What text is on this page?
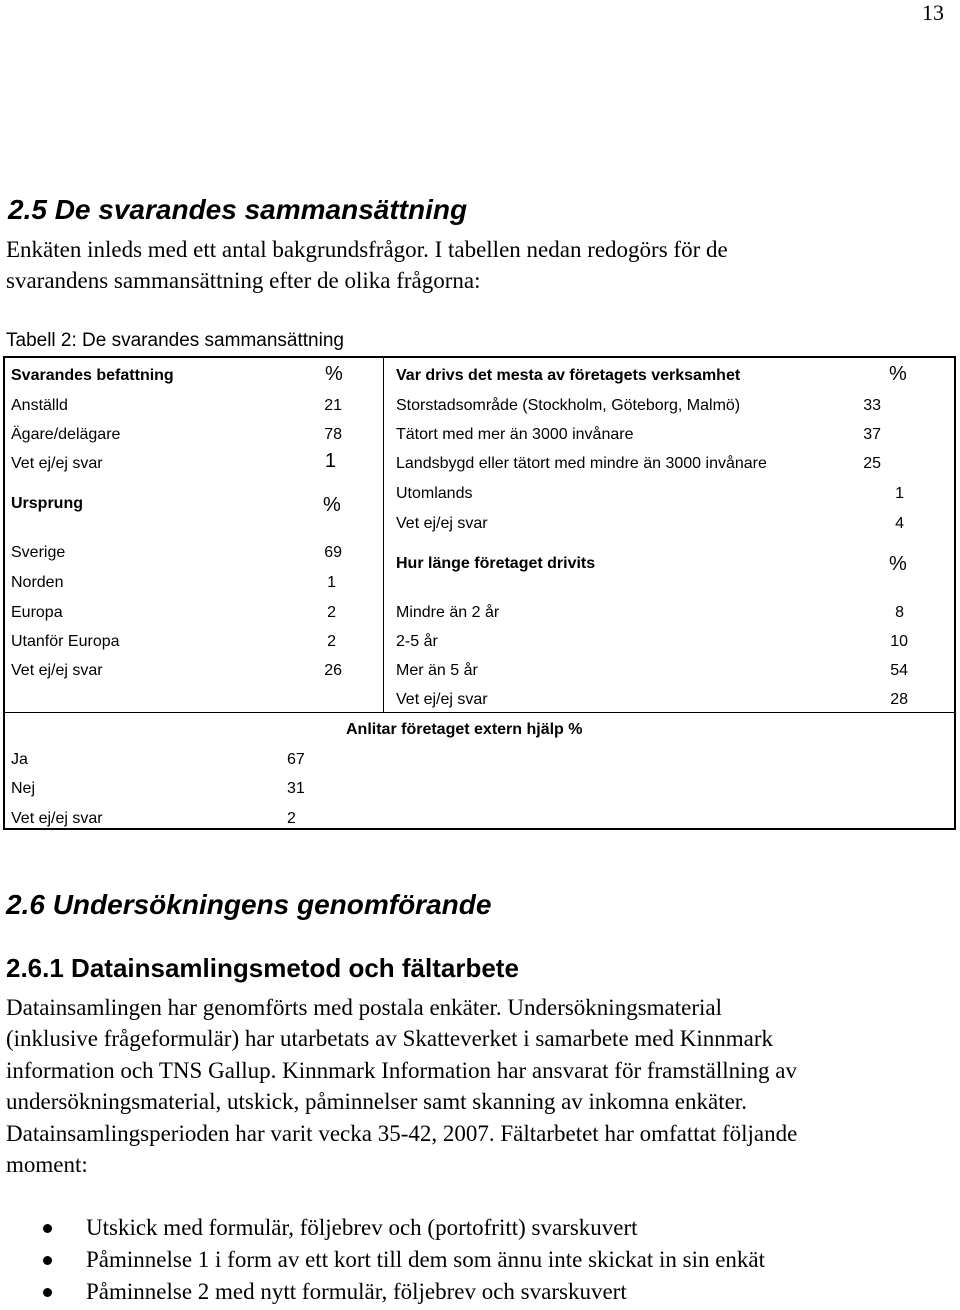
13
2.5 De svarandes sammansättning
Enkäten inleds med ett antal bakgrundsfrågor. I tabellen nedan redogörs för de
svarandens sammansättning efter de olika frågorna:
Tabell 2: De svarandes sammansättning
Svarandes befattning	%
Anställd	21
Ägare/delägare	78
Vet ej/ej svar	1
Var drivs det mesta av företagets verksamhet	%
Storstadsområde (Stockholm, Göteborg, Malmö)	33
Tätort med mer än 3000 invånare	37
Landsbygd eller tätort med mindre än 3000 invånare	25
Utomlands	1
Vet ej/ej svar	4
Ursprung	%
Sverige	69
Norden	1
Europa	2
Utanför Europa	2
Vet ej/ej svar	26
Hur länge företaget drivits	%
Mindre än 2 år	8
2-5 år	10
Mer än 5 år	54
Vet ej/ej svar	28
Anlitar företaget extern hjälp %
Ja	67
Nej	31
Vet ej/ej svar	2
2.6 Undersökningens genomförande
2.6.1 Datainsamlingsmetod och fältarbete
Datainsamlingen har genomförts med postala enkäter. Undersökningsmaterial
(inklusive frågeformulär) har utarbetats av Skatteverket i samarbete med Kinnmark
information och TNS Gallup. Kinnmark Information har ansvarat för framställning av
undersökningsmaterial, utskick, påminnelser samt skanning av inkomna enkäter.
Datainsamlingsperioden har varit vecka 35-42, 2007. Fältarbetet har omfattat följande
moment:
Utskick med formulär, följebrev och (portofritt) svarskuvert
Påminnelse 1 i form av ett kort till dem som ännu inte skickat in sin enkät
Påminnelse 2 med nytt formulär, följebrev och svarskuvert
